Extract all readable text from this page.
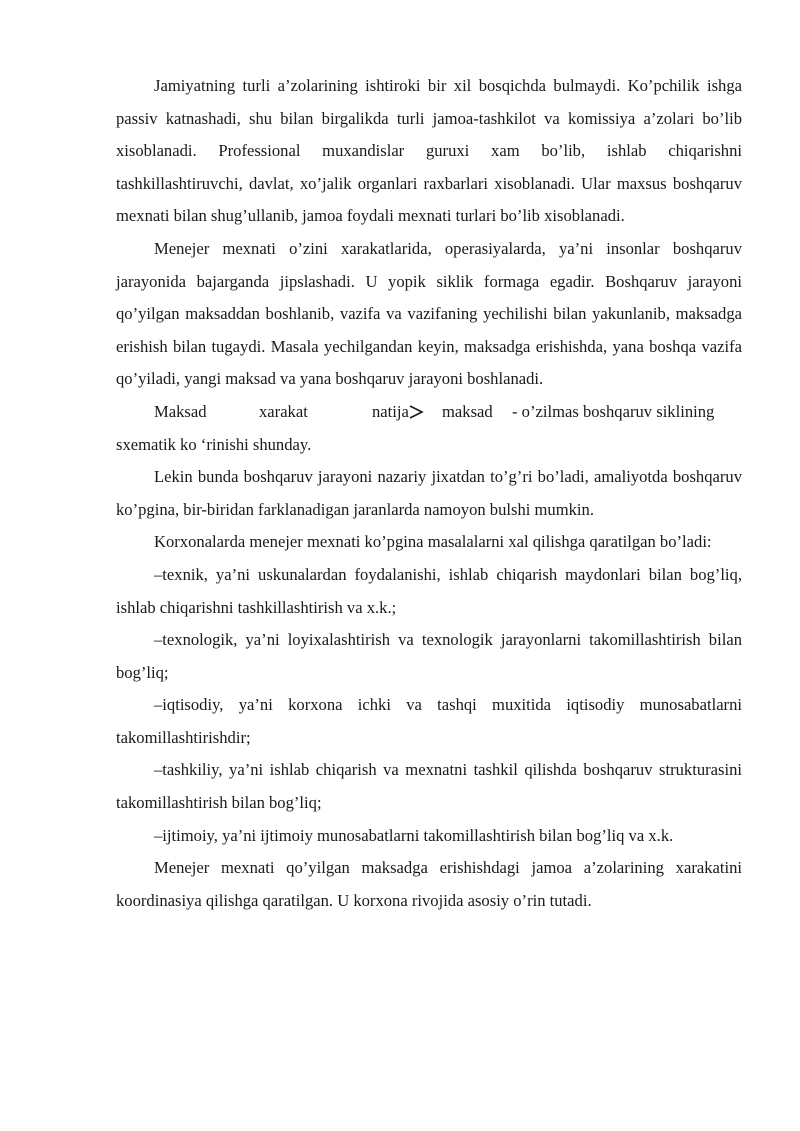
Jamiyatning turli a’zolarining ishtiroki bir xil bosqichda bulmaydi. Ko’pchilik ishga passiv katnashadi, shu bilan birgalikda turli jamoa-tashkilot va komissiya a’zolari bo’lib xisoblanadi. Professional muxandislar guruxi xam bo’lib, ishlab chiqarishni tashkillashtiruvchi, davlat, xo’jalik organlari raxbarlari xisoblanadi. Ular maxsus boshqaruv mexnati bilan shug’ullanib, jamoa foydali mexnati turlari bo’lib xisoblanadi.

Menejer mexnati o’zini xarakatlarida, operasiyalarda, ya’ni insonlar boshqaruv jarayonida bajarganda jipslashadi. U yopik siklik formaga egadir. Boshqaruv jarayoni qo’yilgan maksaddan boshlanib, vazifa va vazifaning yechilishi bilan yakunlanib, maksadga erishish bilan tugaydi. Masala yechilgandan keyin, maksadga erishishda, yana boshqa vazifa qo’yiladi, yangi maksad va yana boshqaruv jarayoni boshlanadi.

Maksad	xarakat	natija maksad - o’zilmas boshqaruv siklining

sxematik ko ‘rinishi shunday.

Lekin bunda boshqaruv jarayoni nazariy jixatdan to’g’ri bo’ladi, amaliyotda boshqaruv ko’pgina, bir-biridan farklanadigan jaranlarda namoyon bulshi mumkin.

Korxonalarda menejer mexnati ko’pgina masalalarni xal qilishga qaratilgan bo’ladi:

–texnik, ya’ni uskunalardan foydalanishi, ishlab chiqarish maydonlari bilan bog’liq, ishlab chiqarishni tashkillashtirish va x.k.;

–texnologik, ya’ni loyixalashtirish va texnologik jarayonlarni takomillashtirish bilan bog’liq;

–iqtisodiy, ya’ni korxona ichki va tashqi muxitida iqtisodiy munosabatlarni takomillashtirishdir;

–tashkiliy, ya’ni ishlab chiqarish va mexnatni tashkil qilishda boshqaruv strukturasini takomillashtirish bilan bog’liq;

–ijtimoiy, ya’ni ijtimoiy munosabatlarni takomillashtirish bilan bog’liq va x.k.

Menejer mexnati qo’yilgan maksadga erishishdagi jamoa a’zolarining xarakatini koordinasiya qilishga qaratilgan. U korxona rivojida asosiy o’rin tutadi.
